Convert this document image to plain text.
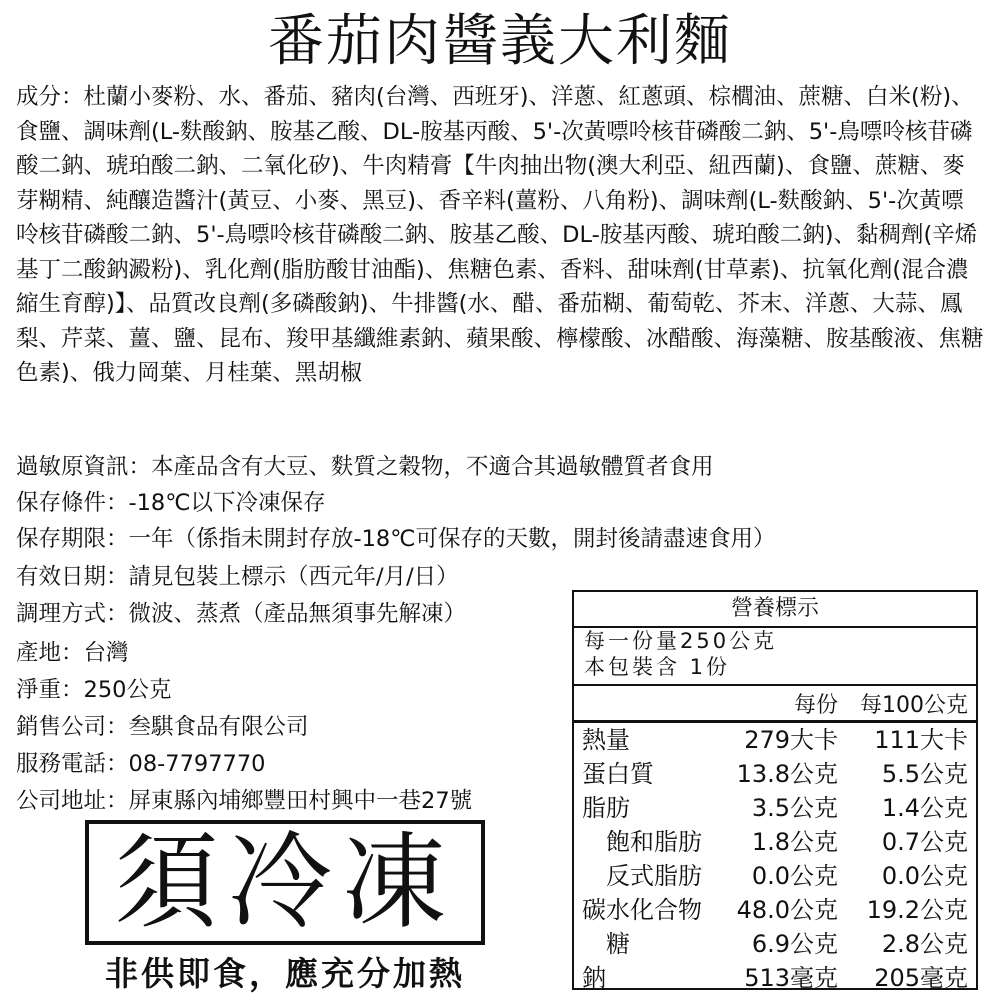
番茄肉醬義大利麵
成分：杜蘭小麥粉、水、番茄、豬肉(台灣、西班牙)、洋蔥、紅蔥頭、棕櫚油、蔗糖、白米(粉)、食鹽、調味劑(L-麩酸鈉、胺基乙酸、DL-胺基丙酸、5'-次黃嘌呤核苷磷酸二鈉、5'-鳥嘌呤核苷磷酸二鈉、琥珀酸二鈉、二氧化矽)、牛肉精膏【牛肉抽出物(澳大利亞、紐西蘭)、食鹽、蔗糖、麥芽糊精、純釀造醬汁(黃豆、小麥、黑豆)、香辛料(薑粉、八角粉)、調味劑(L-麩酸鈉、5'-次黃嘌呤核苷磷酸二鈉、5'-鳥嘌呤核苷磷酸二鈉、胺基乙酸、DL-胺基丙酸、琥珀酸二鈉)、黏稠劑(辛烯基丁二酸鈉澱粉)、乳化劑(脂肪酸甘油酯)、焦糖色素、香料、甜味劑(甘草素)、抗氧化劑(混合濃縮生育醇)】、品質改良劑(多磷酸鈉)、牛排醬(水、醋、番茄糊、葡萄乾、芥末、洋蔥、大蒜、鳳梨、芹菜、薑、鹽、昆布、羧甲基纖維素鈉、蘋果酸、檸檬酸、冰醋酸、海藻糖、胺基酸液、焦糖色素)、俄力岡葉、月桂葉、黑胡椒
過敏原資訊：本產品含有大豆、麩質之穀物，不適合其過敏體質者食用
保存條件：-18℃以下冷凍保存
保存期限：一年（係指未開封存放-18℃可保存的天數，開封後請盡速食用）
有效日期：請見包裝上標示（西元年/月/日）
調理方式：微波、蒸煮（產品無須事先解凍）
產地：台灣
淨重：250公克
銷售公司：叁騏食品有限公司
服務電話：08-7797770
公司地址：屏東縣內埔鄉豐田村興中一巷27號
須冷凍
非供即食，應充分加熱
營養標示
每一份量250公克
本包裝含 1份
每份 每100公克
熱量	279大卡 111大卡
蛋白質	13.8公克 5.5公克
脂肪	3.5公克 1.4公克
飽和脂肪 1.8公克 0.7公克
反式脂肪 0.0公克 0.0公克
碳水化合物 48.0公克 19.2公克
糖	6.9公克 2.8公克
鈉	513毫克 205毫克
